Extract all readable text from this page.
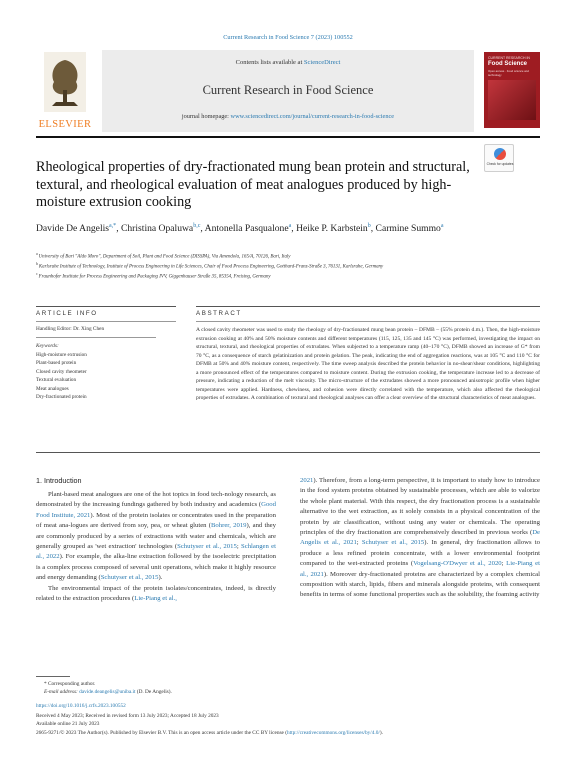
Current Research in Food Science 7 (2023) 100552
ELSEVIER
Contents lists available at ScienceDirect
Current Research in Food Science
journal homepage: www.sciencedirect.com/journal/current-research-in-food-science
CURRENT RESEARCH IN
Food Science
Open access · Food science and technology
Rheological properties of dry-fractionated mung bean protein and structural, textural, and rheological evaluation of meat analogues produced by high-moisture extrusion cooking
Check for updates
Davide De Angelis$^{a,*}$, Christina Opaluwa$^{b,c}$, Antonella Pasqualone$^a$, Heike P. Karbstein$^b$, Carmine Summo$^a$
$^a$ University of Bari "Aldo Moro", Department of Soil, Plant and Food Science (DISSPA), Via Amendola, 165/A, 70126, Bari, Italy
$^b$ Karlsruhe Institute of Technology, Institute of Process Engineering in Life Sciences, Chair of Food Process Engineering, Gotthard-Franz-Straße 3, 76131, Karlsruhe, Germany
$^c$ Fraunhofer Institute for Process Engineering and Packaging IVV, Giggenhauser Straße 35, 85354, Freising, Germany
ARTICLE INFO	ABSTRACT
Handling Editor: Dr. Xing Chen
Keywords:
High-moisture extrusion
Plant-based protein
Closed cavity rheometer
Textural evaluation
Meat analogues
Dry-fractionated protein
A closed cavity rheometer was used to study the rheology of dry-fractionated mung bean protein – DFMB – (55% protein d.m.). Then, the high-moisture extrusion cooking at 40% and 50% moisture contents and different temperatures (115, 125, 135 and 145 °C) was performed, investigating the impact on structural, textural, and rheological properties of extrudates. When subjected to a temperature ramp (40–170 °C), DFMB showed an increase of G* from 70 °C, as a consequence of starch gelatinization and protein gelation. The peak, indicating the end of aggregation reactions, was at 105 °C and 110 °C for DFMB at 50% and 40% moisture content, respectively. The time sweep analysis described the protein behavior in no-shear/shear conditions, highlighting a more pronounced effect of the temperatures compared to moisture content. During the extrusion cooking, the temperature increase led to a decrease of pressure, indicating a reduction of the melt viscosity. The micro-structure of the extrudates showed a more pronounced anisotropic profile when higher temperatures were applied. Hardness, chewiness, and cohesion were directly correlated with the temperature, which also affected the rheological properties of extrudates. A combination of textural and rheological analyses can offer a clear overview of the structural characteristics of meat analogues.
1. Introduction

Plant-based meat analogues are one of the hot topics in food tech-nology research, as demonstrated by the increasing fundings gathered by both industry and academics (Good Food Institute, 2021). Most of the protein isolates or concentrates used in the preparation of meat ana-logues are derived from soy, pea, or wheat gluten (Bohrer, 2019), and they are commonly produced by a series of extractions with water and chemicals, which are generally grouped as 'wet extraction' technologies (Schutyser et al., 2015; Schlangen et al., 2022). For example, the alka-line extraction followed by the isoelectric precipitation is a complex process composed of several unit operations, which make it highly resource and energy demanding (Schutyser et al., 2015).

The environmental impact of the protein isolates/concentrates, indeed, is directly related to the extraction procedures (Lie-Piang et al.,

2021). Therefore, from a long-term perspective, it is important to study how to introduce in the food system proteins obtained by sustainable processes, which are able to valorize the whole plant material. With this respect, the dry fractionation process is a sustainable alternative to the wet extraction, as it solely consists in a physical concentration of the protein by air classification, without using any water or chemicals. The operating principles of the dry fractionation are comprehensively described in previous works (De Angelis et al., 2021; Schutyser et al., 2015). In general, dry fractionation allows to produce a less refined protein concentrate, with a lower environmental footprint compared to the wet-extracted proteins (Vogelsang-O'Dwyer et al., 2020; Lie-Piang et al., 2021). Moreover dry-fractionated proteins are characterized by a complex chemical composition with starch, lipids, fibers and minerals alongside proteins, with consequent benefits in terms of some functional properties such as the solubility, the foaming activity
* Corresponding author.
E-mail address: davide.deangelis@uniba.it (D. De Angelis).
https://doi.org/10.1016/j.crfs.2023.100552
Received 4 May 2023; Received in revised form 13 July 2023; Accepted 18 July 2023
Available online 21 July 2023
2665-9271/© 2023 The Author(s). Published by Elsevier B.V. This is an open access article under the CC BY license (http://creativecommons.org/licenses/by/4.0/).
